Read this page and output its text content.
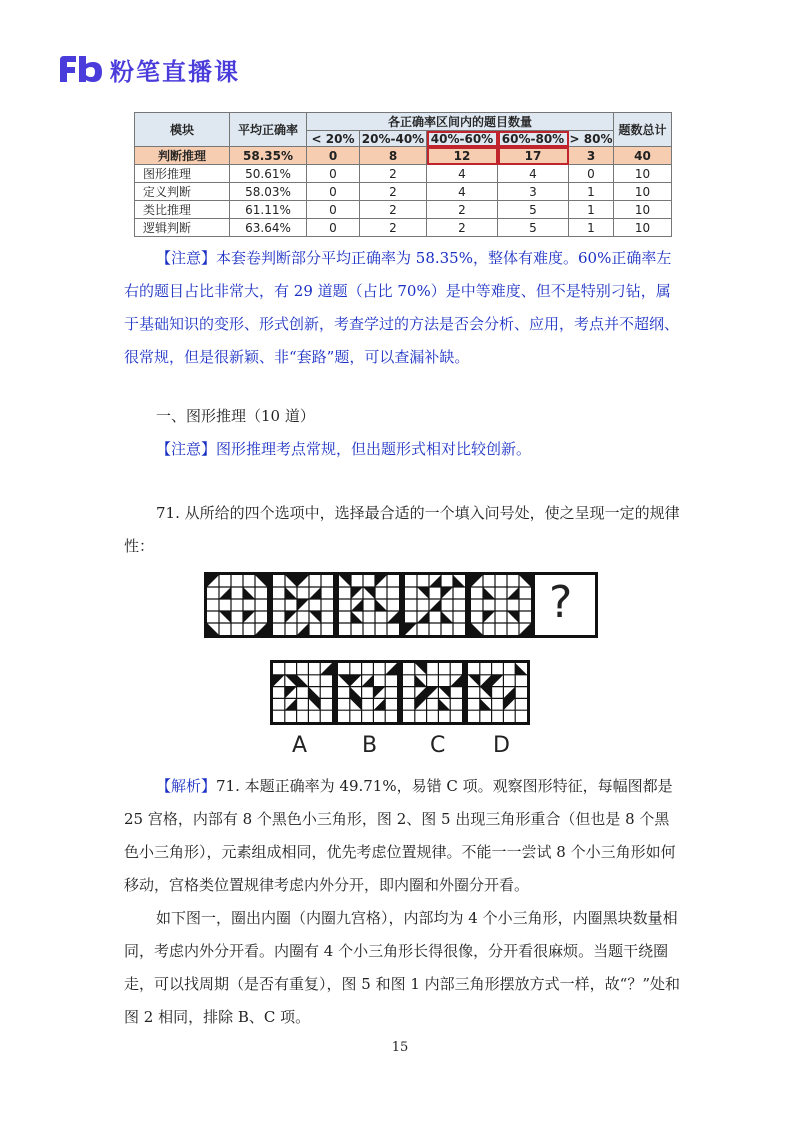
粉笔直播课
模块	平均正确率	各正确率区间内的题目数量					题数总计
		< 20%	20%-40%	40%-60%	60%-80%	> 80%	
判断推理	58.35%	0	8	12	17	3	40
图形推理	50.61%	0	2	4	4	0	10
定义判断	58.03%	0	2	4	3	1	10
类比推理	61.11%	0	2	2	5	1	10
逻辑判断	63.64%	0	2	2	5	1	10
【注意】本套卷判断部分平均正确率为 58.35%，整体有难度。60%正确率左右的题目占比非常大，有 29 道题（占比 70%）是中等难度、但不是特别刁钻，属于基础知识的变形、形式创新，考查学过的方法是否会分析、应用，考点并不超纲、很常规，但是很新颖、非“套路”题，可以查漏补缺。
一、图形推理（10 道）
【注意】图形推理考点常规，但出题形式相对比较创新。
71. 从所给的四个选项中，选择最合适的一个填入问号处，使之呈现一定的规律性：
?
A B C D
【解析】71. 本题正确率为 49.71%，易错 C 项。观察图形特征，每幅图都是 25 宫格，内部有 8 个黑色小三角形，图 2、图 5 出现三角形重合（但也是 8 个黑色小三角形），元素组成相同，优先考虑位置规律。不能一一尝试 8 个小三角形如何移动，宫格类位置规律考虑内外分开，即内圈和外圈分开看。
如下图一，圈出内圈（内圈九宫格），内部均为 4 个小三角形，内圈黑块数量相同，考虑内外分开看。内圈有 4 个小三角形长得很像，分开看很麻烦。当题干绕圈走，可以找周期（是否有重复），图 5 和图 1 内部三角形摆放方式一样，故“？”处和图 2 相同，排除 B、C 项。
15
